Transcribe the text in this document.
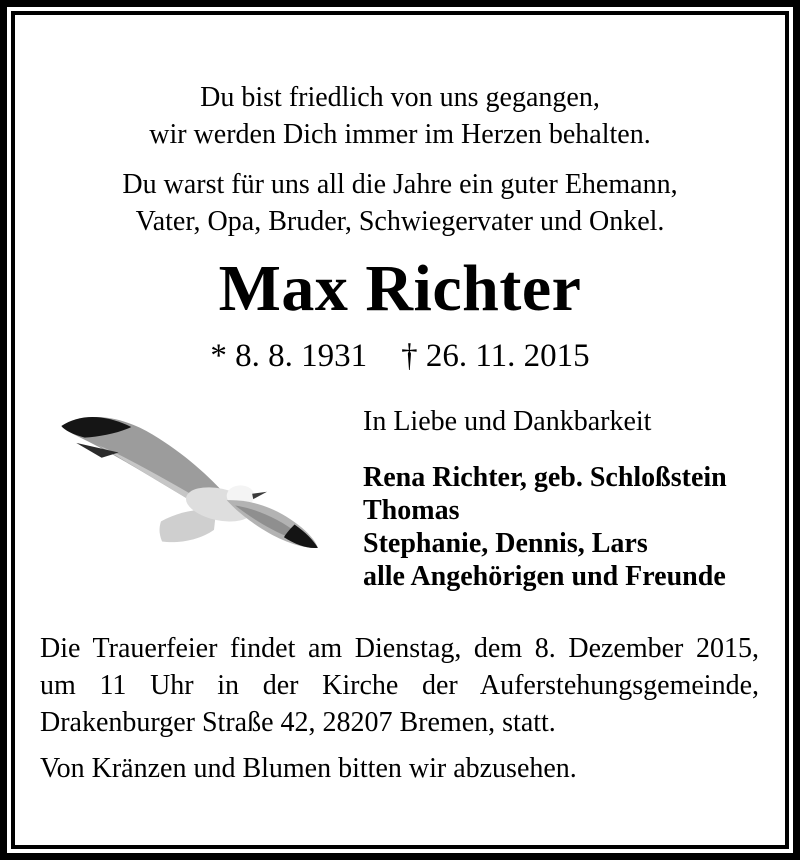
Du bist friedlich von uns gegangen,
wir werden Dich immer im Herzen behalten.
Du warst für uns all die Jahre ein guter Ehemann,
Vater, Opa, Bruder, Schwiegervater und Onkel.
Max Richter
* 8. 8. 1931 † 26. 11. 2015
In Liebe und Dankbarkeit
Rena Richter, geb. Schloßstein
Thomas
Stephanie, Dennis, Lars
alle Angehörigen und Freunde
Die Trauerfeier findet am Dienstag, dem 8. Dezember 2015,
um 11 Uhr in der Kirche der Auferstehungsgemeinde,
Drakenburger Straße 42, 28207 Bremen, statt.
Von Kränzen und Blumen bitten wir abzusehen.
